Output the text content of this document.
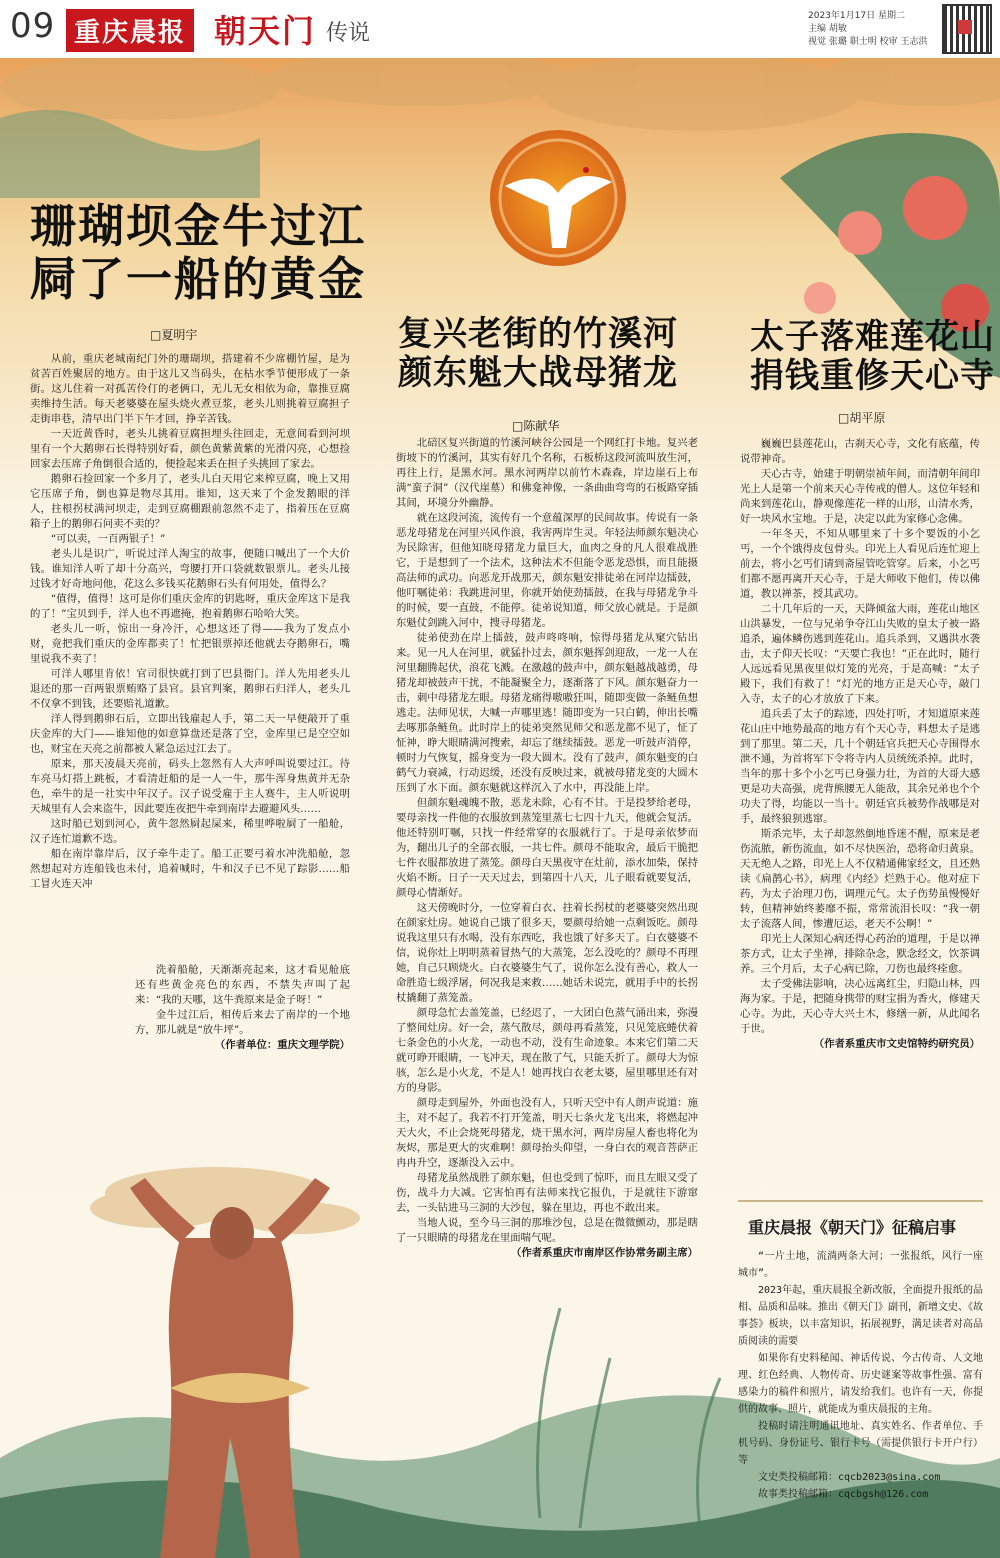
09 重庆晨报 朝天门 传说
2023年1月17日 星期二
主编 胡敏
视觉 张璐 职士明 校审 王志洪
珊瑚坝金牛过江
屙了一船的黄金
□夏明宇

从前，重庆老城南纪门外的珊瑚坝，搭建着不少席棚竹屋，是为贫苦百姓聚居的地方。由于这儿又当码头，在枯水季节便形成了一条街。这儿住着一对孤苦伶仃的老俩口，无儿无女相依为命，靠推豆腐卖维持生活。每天老婆婆在屋头烧火煮豆浆，老头儿则挑着豆腐担子走街串巷，清早出门半下午才回，挣辛苦钱。

一天近黄昏时，老头儿挑着豆腐担埋头往回走，无意间看到河坝里有一个大鹅卵石长得特别好看，颜色黄紫黄紫的光滑闪亮，心想捡回家去压席子角倒很合适的，便捡起来丢在担子头挑回了家去。

鹅卵石捡回家一个多月了，老头儿白天用它来榨豆腐，晚上又用它压席子角，倒也算是物尽其用。谁知，这天来了个金发鹅眼的洋人，拄根拐杖满河坝走，走到豆腐棚跟前忽然不走了，指着压在豆腐箱子上的鹅卵石问卖不卖的？

“可以卖，一百两银子！”

老头儿是识广，听说过洋人淘宝的故事，便随口喊出了一个大价钱。谁知洋人听了却十分高兴，弯腰打开口袋就数银票儿。老头儿接过钱才好奇地问他，花这么多钱买花鹅卵石头有何用处，值得么？

“值得，值得！这可是你们重庆金库的钥匙呀，重庆金库这下是我的了！”宝贝到手，洋人也不再遮掩，抱着鹅卵石哈哈大笑。

老头儿一听，惊出一身冷汗，心想这还了得——我为了发点小财，竟把我们重庆的金库都卖了！忙把银票掉还他就去夺鹅卵石，嘴里说我不卖了！

可洋人哪里肯依！官司很快就打到了巴县衙门。洋人先用老头儿退还的那一百两银票贿赂了县官。县官判案，鹅卵石归洋人，老头儿不仅拿不到钱，还要赔礼道歉。

洋人得到鹅卵石后，立即出钱雇起人手，第二天一早便敲开了重庆金库的大门——谁知他的如意算盘还是落了空，金库里已是空空如也，财宝在天亮之前都被人紧急运过江去了。

原来，那天凌晨天亮前，码头上忽然有人大声呼叫说要过江。待车亮马灯搭上跳板，才看清赶船的是一人一牛，那牛浑身焦黄并无杂色，牵牛的是一社实中年汉子。汉子说受雇于主人赛牛，主人听说明天城里有人会来盗牛，因此要连夜把牛牵到南岸去避避风头……

这时船已划到河心，黄牛忽然屙起屎来，稀里哗啦屙了一船舱，汉子连忙道歉不迭。

船在南岸靠岸后，汉子牵牛走了。船工正要弓着水冲洗船舱，忽然想起对方连船钱也未付，追着喊时，牛和汉子已不见了踪影……船工冒火连天冲

洗着船舱，天渐渐亮起来，这才看见舱底还有些黄金亮色的东西，不禁失声叫了起来：“我的天哪，这牛粪原来是金子呀！”

金牛过江后，相传后来去了南岸的一个地方，那儿就是“放牛坪”。

（作者单位：重庆文理学院）

复兴老街的竹溪河
颜东魁大战母猪龙
□陈献华

北碚区复兴街道的竹溪河峡谷公园是一个网红打卡地。复兴老街坡下的竹溪河，其实有好几个名称，石板桥这段河流叫放生河，再往上行，是黑水河。黑水河两岸以前竹木森森，岸边崖石上布满“蛮子洞”（汉代崖墓）和佛龛神像，一条曲曲弯弯的石板路穿插其间，环境分外幽静。

就在这段河流，流传有一个意蕴深厚的民间故事。传说有一条恶龙母猪龙在河里兴风作浪，我害两岸生灵。年轻法师颜东魁决心为民除害，但他知晓母猪龙力量巨大，血肉之身的凡人很难战胜它，于是想到了一个法术，这种法术不但能令恶龙恐惧，而且能摄高法师的武功。向恶龙开战那天，颜东魁安排徒弟在河岸边擂鼓，他叮嘱徒弟：我跳进河里，你就开始使劲擂鼓，在我与母猪龙争斗的时候，要一直鼓，不能停。徒弟说知道，师父放心就是。于是颜东魁仗剑跳入河中，搜寻母猪龙。

徒弟使劲在岸上擂鼓，鼓声咚咚响，惊得母猪龙从窠穴钻出来。见一凡人在河里，就猛扑过去，颜东魁挥剑迎敌，一龙一人在河里翻腾起伏，浪花飞溅。在激越的鼓声中，颜东魁越战越勇，母猪龙却被鼓声干扰，不能凝聚全力，逐渐落了下风。颜东魁奋力一击，刺中母猪龙左眼。母猪龙痛得嗷嗷狂叫，随即变做一条鲢鱼想逃走。法师见状，大喊一声哪里逃！随即变为一只白鹤，伸出长嘴去啄那条鲢鱼。此时岸上的徒弟突然见师父和恶龙都不见了，怔了怔神，睁大眼睛满河搜索，却忘了继续擂鼓。恶龙一听鼓声消停，顿时力气恢复，摇身变为一段大圆木。没有了鼓声，颜东魁变的白鹤气力衰减，行动迟缓，还没有反映过来，就被母猪龙变的大圆木压到了水下面。颜东魁就这样沉入了水中，再没能上岸。

但颜东魁魂魄不散，恶龙未除，心有不甘。于是投梦给老母，要母亲找一件他的衣服放到蒸笼里蒸七七四十九天，他就会复活。他还特别叮嘱，只找一件经常穿的衣服就行了。于是母亲依梦而为，翻出儿子的全部衣服，一共七件。颜母不能取舍，最后干脆把七件衣服都放进了蒸笼。颜母白天黑夜守在灶前，添水加柴，保持火焰不断。日子一天天过去，到第四十八天，儿子眼看就要复活，颜母心情渐好。

这天傍晚时分，一位穿着白衣、拄着长拐杖的老婆婆突然出现在颜家灶房。她说自己饿了很多天，要颜母给她一点剩饭吃。颜母说我这里只有水喝，没有东西吃，我也饿了好多天了。白衣婆婆不信，说你灶上明明蒸着冒热气的大蒸笼，怎么没吃的？颜母不再理她，自己只顾烧火。白衣婆婆生气了，说你怎么没有善心，救人一命胜造七级浮屠，何况我是来救……她话未说完，就用手中的长拐杖撬翻了蒸笼盖。

颜母急忙去盖笼盖，已经迟了，一大团白色蒸气涌出来，弥漫了整间灶房。好一会，蒸气散尽，颜母再看蒸笼，只见笼底蜷伏着七条金色的小火龙，一动也不动，没有生命迹象。本来它们第二天就可睁开眼睛，一飞冲天，现在散了气，只能夭折了。颜母大为惊骇，怎么是小火龙，不是人！她再找白衣老太婆，屋里哪里还有对方的身影。

颜母走到屋外，外面也没有人，只听天空中有人朗声说道：施主，对不起了。我若不打开笼盖，明天七条火龙飞出来，将燃起冲天大火，不止会烧死母猪龙，烧干黑水河，两岸房屋人畜也将化为灰烬，那是更大的灾难啊！颜母抬头仰望，一身白衣的观音菩萨正冉冉升空，逐渐没入云中。

母猪龙虽然战胜了颜东魁，但也受到了惊吓，而且左眼又受了伤，战斗力大减。它害怕再有法师来找它报仇，于是就往下游窜去，一头钻进马三洞的大沙包，躲在里边，再也不敢出来。

当地人说，至今马三洞的那堆沙包，总是在微微颤动，那是瞎了一只眼睛的母猪龙在里面喘气呢。

（作者系重庆市南岸区作协常务副主席）

太子落难莲花山
捐钱重修天心寺
□胡平原

巍巍巴县莲花山，古刹天心寺，文化有底蕴，传说带神奇。

天心古寺，始建于明朝崇祯年间，而清朝年间印光上人是第一个前来天心寺传戒的僧人。这位年轻和尚来到莲花山，静观像莲花一样的山形，山清水秀，好一块风水宝地。于是，决定以此为家修心念佛。

一年冬天，不知从哪里来了十多个要饭的小乞丐，一个个饿得皮包骨头。印光上人看见后连忙迎上前去，将小乞丐们请到斋屋管吃管穿。后来，小乞丐们都不愿再离开天心寺，于是大师收下他们，传以佛道，教以禅茶，授其武功。

二十几年后的一天，天降倾盆大雨，莲花山地区山洪暴发，一位与兄弟争夺江山失败的皇太子被一路追杀，遍体鳞伤逃到莲花山。追兵杀到，又遇洪水袭击，太子仰天长叹：“天要亡我也！”正在此时，随行人远远看见黑夜里似灯笼的光亮，于是高喊：“太子殿下，我们有救了！”灯光的地方正是天心寺，敲门入寺，太子的心才放放了下来。

追兵丢了太子的踪迹，四处打听，才知道原来莲花山庄中地势最高的地方有个天心寺，料想太子是逃到了那里。第二天，几十个朝廷官兵把天心寺围得水泄不通，为首将军下令将寺内人员统统杀掉。此时，当年的那十多个小乞丐已身强力壮，为首的大哥大感更是功夫高强，虎背熊腰无人能敌，其余兄弟也个个功夫了得，均能以一当十。朝廷官兵被势作战哪是对手，最终狼狈逃窜。

斯杀完毕，太子却忽然倒地昏迷不醒，原来是老伤流脓，新伤流血，如不尽快医治，恐将命归黄泉。天无绝人之路，印光上人不仅精通佛家经文，且还熟读《扁鹊心书》，病理《内经》烂熟于心。他对症下药，为太子治理刀伤，调理元气。太子伤势虽慢慢好转，但精神始终萎靡不振，常常流泪长叹：“我一朝太子流落人间，惨遭厄运，老天不公啊！”

印光上人深知心病还得心药治的道理，于是以禅茶方式，让太子坐禅，排除杂念，默念经文，饮茶调养。三个月后，太子心病已除，刀伤也最终痊愈。

太子受佛法影响，决心远离红尘，归隐山林，四海为家。于是，把随身携带的财宝捐为香火，修建天心寺。为此，天心寺大兴土木，修缮一新，从此闻名于世。

（作者系重庆市文史馆特约研究员）

重庆晨报《朝天门》征稿启事

“一片土地，流淌两条大河；一张报纸，风行一座城市”。

2023年起，重庆晨报全新改版，全面提升报纸的品相、品质和品味。推出《朝天门》副刊，新增文史、《故事荟》板块，以丰富知识，拓展视野，满足读者对高品质阅读的需要

如果你有史料秘闻、神话传说、今古传奇、人文地理、红色经典、人物传奇、历史谜案等故事性强、富有感染力的稿件和照片，请发给我们。也许有一天，你提供的故事、照片，就能成为重庆晨报的主角。

投稿时请注明通讯地址、真实姓名、作者单位、手机号码、身份证号、银行卡号（需提供银行卡开户行）等

文史类投稿邮箱：cqcb2023@sina.com

故事类投稿邮箱：cqcbgsh@126.com
